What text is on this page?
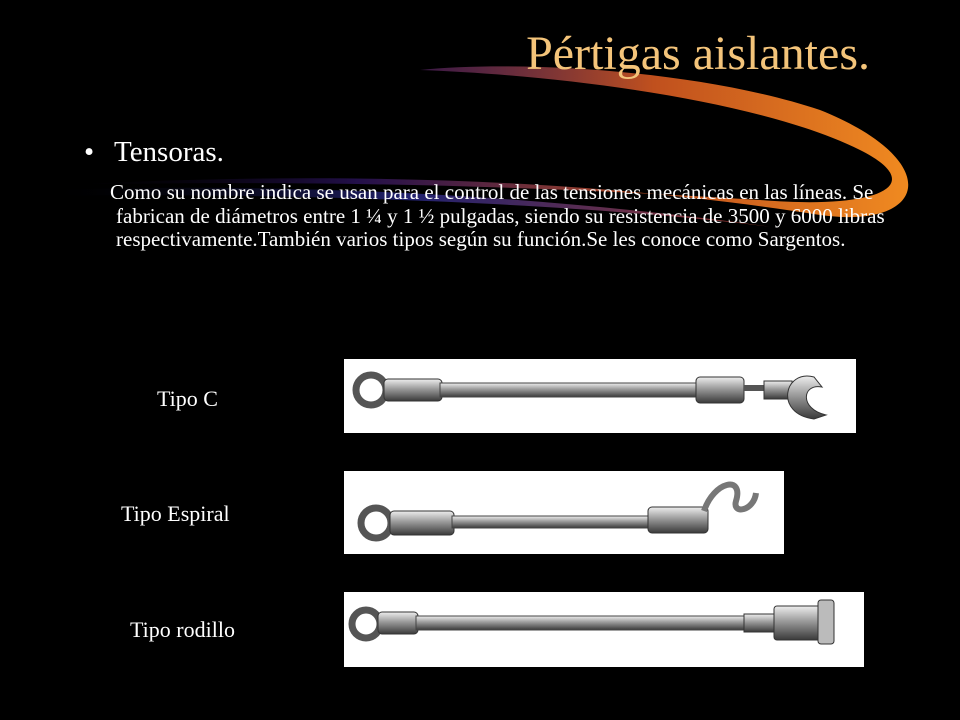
Pértigas aislantes.
• Tensoras.
Como su nombre indica se usan para el control de las tensiones mecánicas en las líneas. Se fabrican de diámetros entre 1 ¼ y 1 ½ pulgadas, siendo su resistencia de 3500 y 6000 libras respectivamente.También varios tipos según su función.Se les conoce como Sargentos.
Tipo C
Tipo Espiral
Tipo rodillo
